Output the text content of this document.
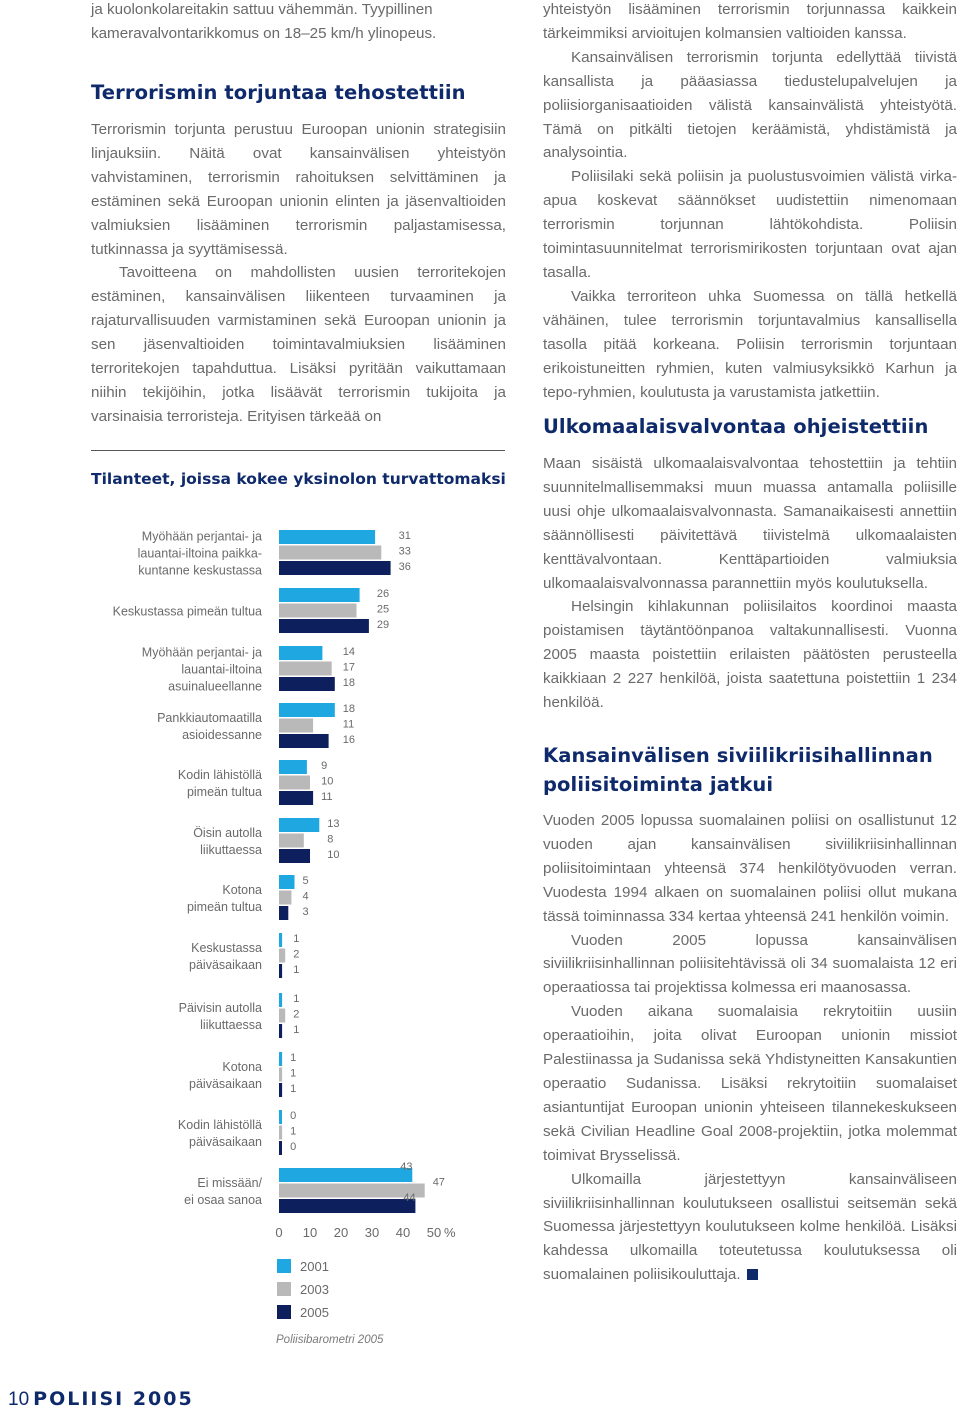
ja kuolonkolareitakin sattuu vähemmän. Tyypillinen kameravalvontarikkomus on 18–25 km/h ylinopeus.

Terrorismin torjuntaa tehostettiin

Terrorismin torjunta perustuu Euroopan unionin strategisiin linjauksiin. Näitä ovat kansainvälisen yhteistyön vahvistaminen, terrorismin rahoituksen selvittäminen ja estäminen sekä Euroopan unionin elinten ja jäsenvaltioiden valmiuksien lisääminen terrorismin paljastamisessa, tutkinnassa ja syyttämisessä.

Tavoitteena on mahdollisten uusien terroritekojen estäminen, kansainvälisen liikenteen turvaaminen ja rajaturvallisuuden varmistaminen sekä Euroopan unionin ja sen jäsenvaltioiden toimintavalmiuksien lisääminen terroritekojen tapahduttua. Lisäksi pyritään vaikuttamaan niihin tekijöihin, jotka lisäävät terrorismin tukijoita ja varsinaisia terroristeja. Erityisen tärkeää on

Tilanteet, joissa kokee yksinolon turvattomaksi
Myöhään perjantai- ja lauantai-iltoina paikka-kuntanne keskustassa
31
33
36
Keskustassa pimeän tultua
26
25
29
Myöhään perjantai- ja lauantai-iltoina asuinalueellanne
14
17
18
Pankkiautomaatilla asioidessanne
18
11
16
Kodin lähistöllä pimeän tultua
9
10
11
Öisin autolla liikuttaessa
13
8
10
Kotona pimeän tultua
5
4
3
Keskustassa päiväsaikaan
1
2
1
Päivisin autolla liikuttaessa
1
2
1
Kotona päiväsaikaan
1
1
1
Kodin lähistöllä päiväsaikaan
0
1
0
Ei missään/ ei osaa sanoa
43
47
44
0 10 20 30 40 50 %
2001
2003
2005
Poliisibarometri 2005

yhteistyön lisääminen terrorismin torjunnassa kaikkein tärkeimmiksi arvioitujen kolmansien valtioiden kanssa.

Kansainvälisen terrorismin torjunta edellyttää tiivistä kansallista ja pääasiassa tiedustelupalvelujen ja poliisiorganisaatioiden välistä kansainvälistä yhteistyötä. Tämä on pitkälti tietojen keräämistä, yhdistämistä ja analysointia.

Poliisilaki sekä poliisin ja puolustusvoimien välistä virka-apua koskevat säännökset uudistettiin nimenomaan terrorismin torjunnan lähtökohdista. Poliisin toimintasuunnitelmat terrorismirikosten torjuntaan ovat ajan tasalla.

Vaikka terroriteon uhka Suomessa on tällä hetkellä vähäinen, tulee terrorismin torjuntavalmius kansallisella tasolla pitää korkeana. Poliisin terrorismin torjuntaan erikoistuneitten ryhmien, kuten valmiusyksikkö Karhun ja tepo-ryhmien, koulutusta ja varustamista jatkettiin.

Ulkomaalaisvalvontaa ohjeistettiin

Maan sisäistä ulkomaalaisvalvontaa tehostettiin ja tehtiin suunnitelmallisemmaksi muun muassa antamalla poliisille uusi ohje ulkomaalaisvalvonnasta. Samanaikaisesti annettiin säännöllisesti päivitettävä tiivistelmä ulkomaalaisten kenttävalvontaan. Kenttäpartioiden valmiuksia ulkomaalaisvalvonnassa parannettiin myös koulutuksella.

Helsingin kihlakunnan poliisilaitos koordinoi maasta poistamisen täytäntöönpanoa valtakunnallisesti. Vuonna 2005 maasta poistettiin erilaisten päätösten perusteella kaikkiaan 2 227 henkilöä, joista saatettuna poistettiin 1 234 henkilöä.

Kansainvälisen siviilikriisihallinnan poliisitoiminta jatkui

Vuoden 2005 lopussa suomalainen poliisi on osallistunut 12 vuoden ajan kansainvälisen siviilikriisinhallinnan poliisitoimintaan yhteensä 374 henkilötyövuoden verran. Vuodesta 1994 alkaen on suomalainen poliisi ollut mukana tässä toiminnassa 334 kertaa yhteensä 241 henkilön voimin.

Vuoden 2005 lopussa kansainvälisen siviilikriisinhallinnan poliisitehtävissä oli 34 suomalaista 12 eri operaatiossa tai projektissa kolmessa eri maanosassa.

Vuoden aikana suomalaisia rekrytoitiin uusiin operaatioihin, joita olivat Euroopan unionin missiot Palestiinassa ja Sudanissa sekä Yhdistyneitten Kansakuntien operaatio Sudanissa. Lisäksi rekrytoitiin suomalaiset asiantuntijat Euroopan unionin yhteiseen tilannekeskukseen sekä Civilian Headline Goal 2008-projektiin, jotka molemmat toimivat Brysselissä.

Ulkomailla järjestettyyn kansainväliseen siviilikriisinhallinnan koulutukseen osallistui seitsemän sekä Suomessa järjestettyyn koulutukseen kolme henkilöä. Lisäksi kahdessa ulkomailla toteutetussa koulutuksessa oli suomalainen poliisikouluttaja.

10 POLIISI 2005
